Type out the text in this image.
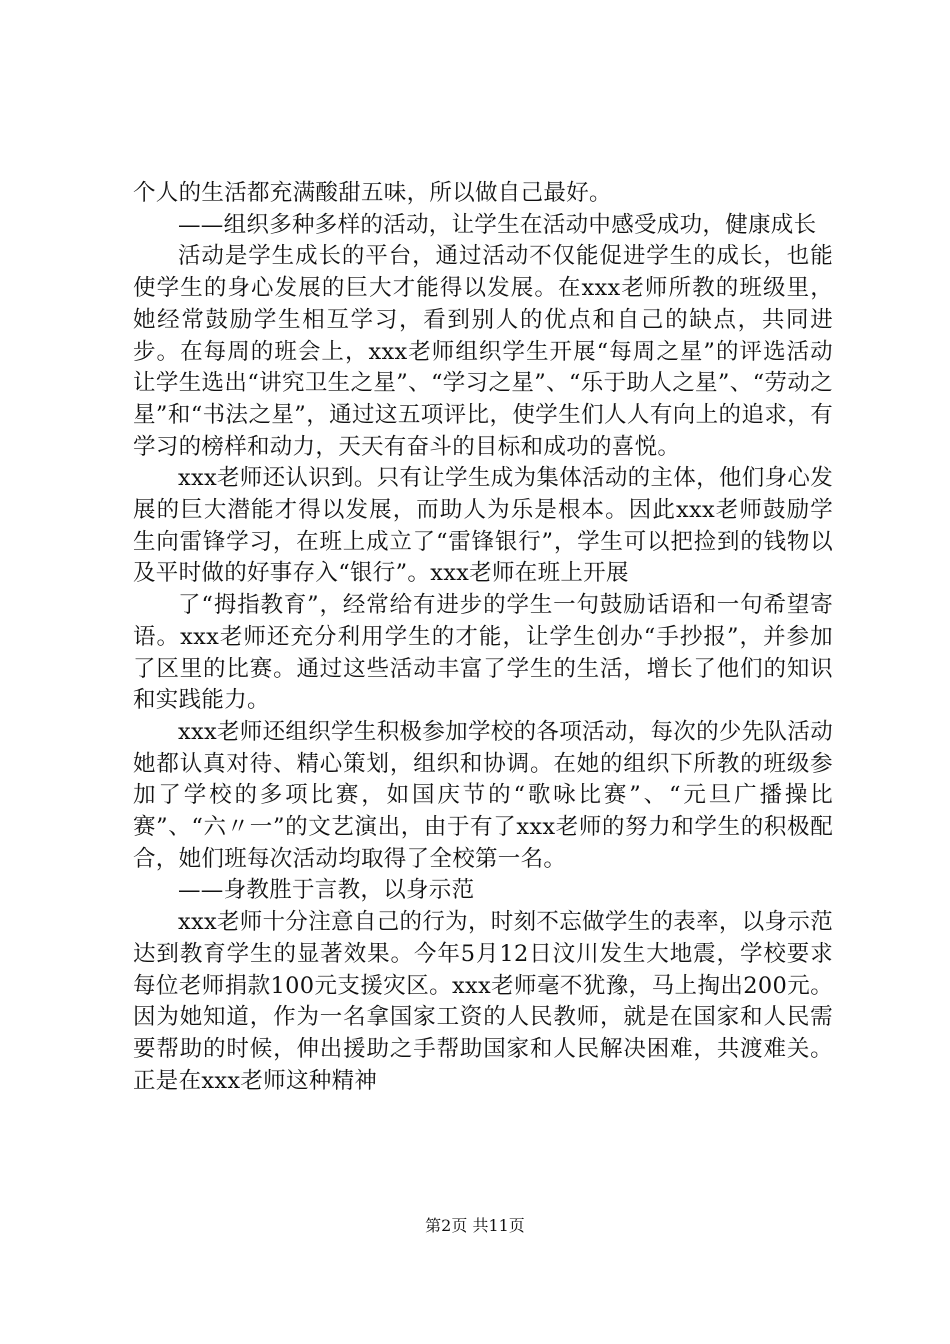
个人的生活都充满酸甜五味，所以做自己最好。

——组织多种多样的活动，让学生在活动中感受成功，健康成长

活动是学生成长的平台，通过活动不仅能促进学生的成长，也能使学生的身心发展的巨大才能得以发展。在xxx老师所教的班级里，她经常鼓励学生相互学习，看到别人的优点和自己的缺点，共同进步。在每周的班会上，xxx老师组织学生开展“每周之星”的评选活动让学生选出“讲究卫生之星”、“学习之星”、“乐于助人之星”、“劳动之星”和“书法之星”，通过这五项评比，使学生们人人有向上的追求，有学习的榜样和动力，天天有奋斗的目标和成功的喜悦。

xxx老师还认识到。只有让学生成为集体活动的主体，他们身心发展的巨大潜能才得以发展，而助人为乐是根本。因此xxx老师鼓励学生向雷锋学习，在班上成立了“雷锋银行”，学生可以把捡到的钱物以及平时做的好事存入“银行”。xxx老师在班上开展

了“拇指教育”，经常给有进步的学生一句鼓励话语和一句希望寄语。xxx老师还充分利用学生的才能，让学生创办“手抄报”，并参加了区里的比赛。通过这些活动丰富了学生的生活，增长了他们的知识和实践能力。

xxx老师还组织学生积极参加学校的各项活动，每次的少先队活动她都认真对待、精心策划，组织和协调。在她的组织下所教的班级参加了学校的多项比赛，如国庆节的“歌咏比赛”、“元旦广播操比赛”、“六〃一”的文艺演出，由于有了xxx老师的努力和学生的积极配合，她们班每次活动均取得了全校第一名。

——身教胜于言教，以身示范

xxx老师十分注意自己的行为，时刻不忘做学生的表率，以身示范达到教育学生的显著效果。今年5月12日汶川发生大地震，学校要求每位老师捐款100元支援灾区。xxx老师毫不犹豫，马上掏出200元。因为她知道，作为一名拿国家工资的人民教师，就是在国家和人民需要帮助的时候，伸出援助之手帮助国家和人民解决困难，共渡难关。正是在xxx老师这种精神

第2页 共11页
